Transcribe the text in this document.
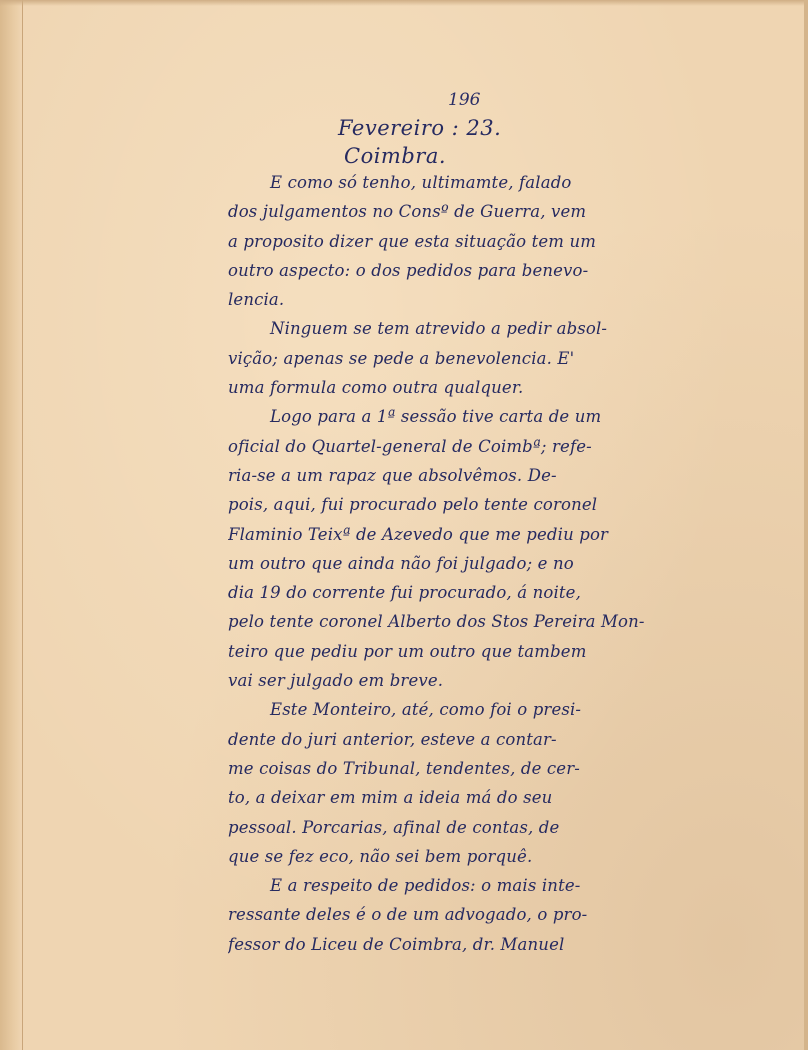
196

Fevereiro : 23.

Coimbra.

E como só tenho, ultimamte, falado
dos julgamentos no Consº de Guerra, vem
a proposito dizer que esta situação tem um
outro aspecto: o dos pedidos para benevo-
lencia.
Ninguem se tem atrevido a pedir absol-
vição; apenas se pede a benevolencia. E'
uma formula como outra qualquer.
Logo para a 1ª sessão tive carta de um
oficial do Quartel-general de Coimbª; refe-
ria-se a um rapaz que absolvêmos. De-
pois, aqui, fui procurado pelo tente coronel
Flaminio Teixª de Azevedo que me pediu por
um outro que ainda não foi julgado; e no
dia 19 do corrente fui procurado, á noite,
pelo tente coronel Alberto dos Stos Pereira Mon-
teiro que pediu por um outro que tambem
vai ser julgado em breve.
Este Monteiro, até, como foi o presi-
dente do juri anterior, esteve a contar-
me coisas do Tribunal, tendentes, de cer-
to, a deixar em mim a ideia má do seu
pessoal. Porcarias, afinal de contas, de
que se fez eco, não sei bem porquê.
E a respeito de pedidos: o mais inte-
ressante deles é o de um advogado, o pro-
fessor do Liceu de Coimbra, dr. Manuel
